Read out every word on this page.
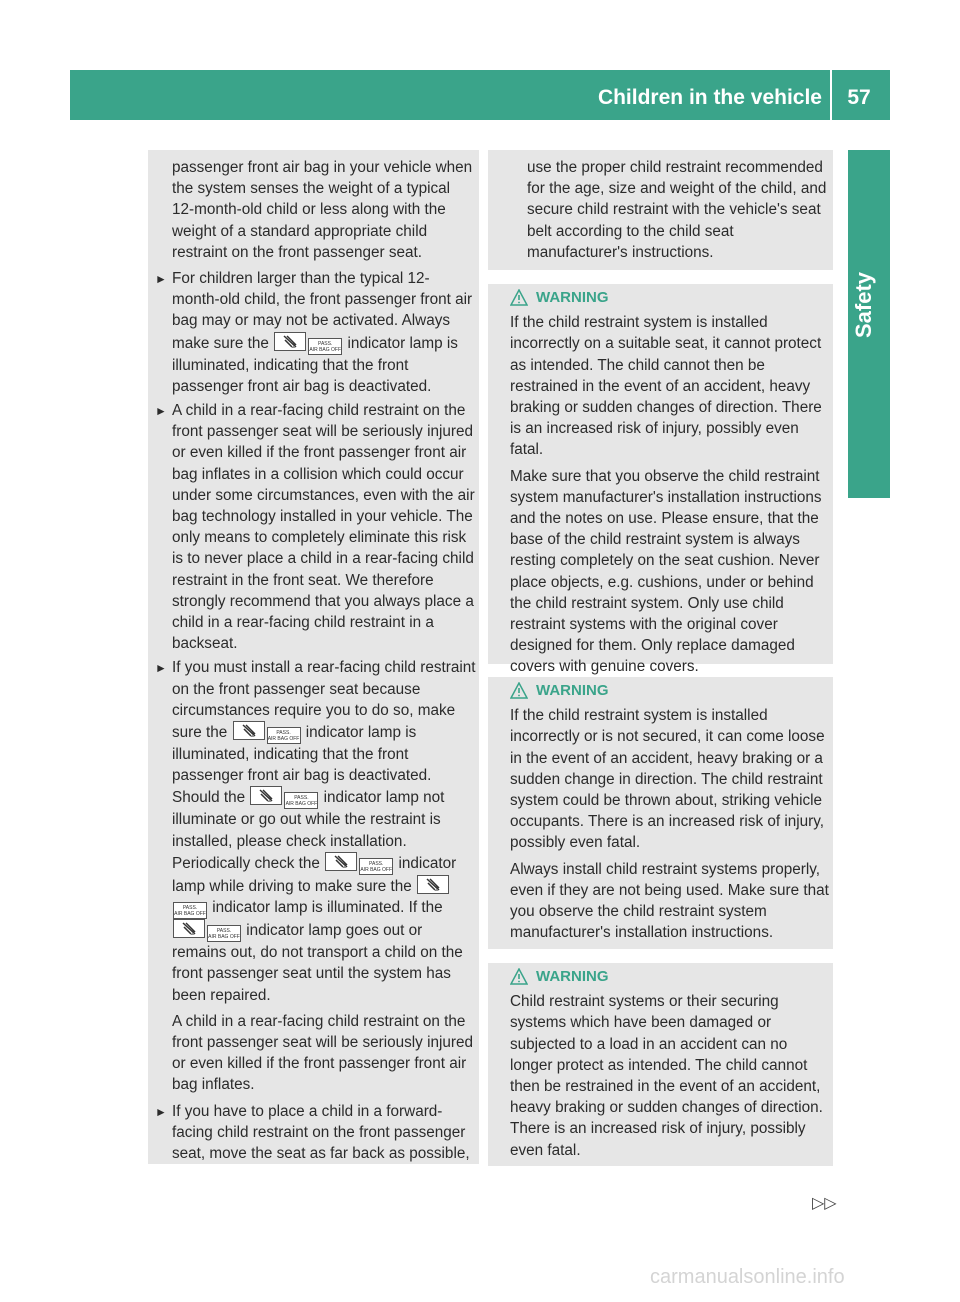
Children in the vehicle	57
Safety

passenger front air bag in your vehicle when the system senses the weight of a typical 12-month-old child or less along with the weight of a standard appropriate child restraint on the front passenger seat.

► For children larger than the typical 12-month-old child, the front passenger front air bag may or may not be activated. Always make sure the	2	PASS.
AIR BAG OFF indicator lamp is illuminated, indicating that the front passenger front air bag is deactivated.
► A child in a rear-facing child restraint on the front passenger seat will be seriously injured or even killed if the front passenger front air bag inflates in a collision which could occur under some circumstances, even with the air bag technology installed in your vehicle. The only means to completely eliminate this risk is to never place a child in a rear-facing child restraint in the front seat. We therefore strongly recommend that you always place a child in a rear-facing child restraint in a backseat.
► If you must install a rear-facing child restraint on the front passenger seat because circumstances require you to do so, make sure the	2	PASS.
AIR BAG OFF indicator lamp is illuminated, indicating that the front passenger front air bag is deactivated. Should the	2	PASS.
AIR BAG OFF indicator lamp not illuminate or go out while the restraint is installed, please check installation. Periodically check the	2	PASS.
AIR BAG OFF indicator lamp while driving to make sure the	2
PASS.
AIR BAG OFF indicator lamp is illuminated. If the
2	PASS.
AIR BAG OFF indicator lamp goes out or remains out, do not transport a child on the front passenger seat until the system has been repaired.

A child in a rear-facing child restraint on the front passenger seat will be seriously injured or even killed if the front passenger front air bag inflates.

► If you have to place a child in a forward-facing child restraint on the front passenger seat, move the seat as far back as possible,
use the proper child restraint recommended for the age, size and weight of the child, and secure child restraint with the vehicle's seat belt according to the child seat manufacturer's instructions.
WARNING

If the child restraint system is installed incorrectly on a suitable seat, it cannot protect as intended. The child cannot then be restrained in the event of an accident, heavy braking or sudden changes of direction. There is an increased risk of injury, possibly even fatal.

Make sure that you observe the child restraint system manufacturer's installation instructions and the notes on use. Please ensure, that the base of the child restraint system is always resting completely on the seat cushion. Never place objects, e.g. cushions, under or behind the child restraint system. Only use child restraint systems with the original cover designed for them. Only replace damaged covers with genuine covers.

WARNING

If the child restraint system is installed incorrectly or is not secured, it can come loose in the event of an accident, heavy braking or a sudden change in direction. The child restraint system could be thrown about, striking vehicle occupants. There is an increased risk of injury, possibly even fatal.

Always install child restraint systems properly, even if they are not being used. Make sure that you observe the child restraint system manufacturer's installation instructions.

WARNING

Child restraint systems or their securing systems which have been damaged or subjected to a load in an accident can no longer protect as intended. The child cannot then be restrained in the event of an accident, heavy braking or sudden changes of direction. There is an increased risk of injury, possibly even fatal.

▷▷
carmanualsonline.info
